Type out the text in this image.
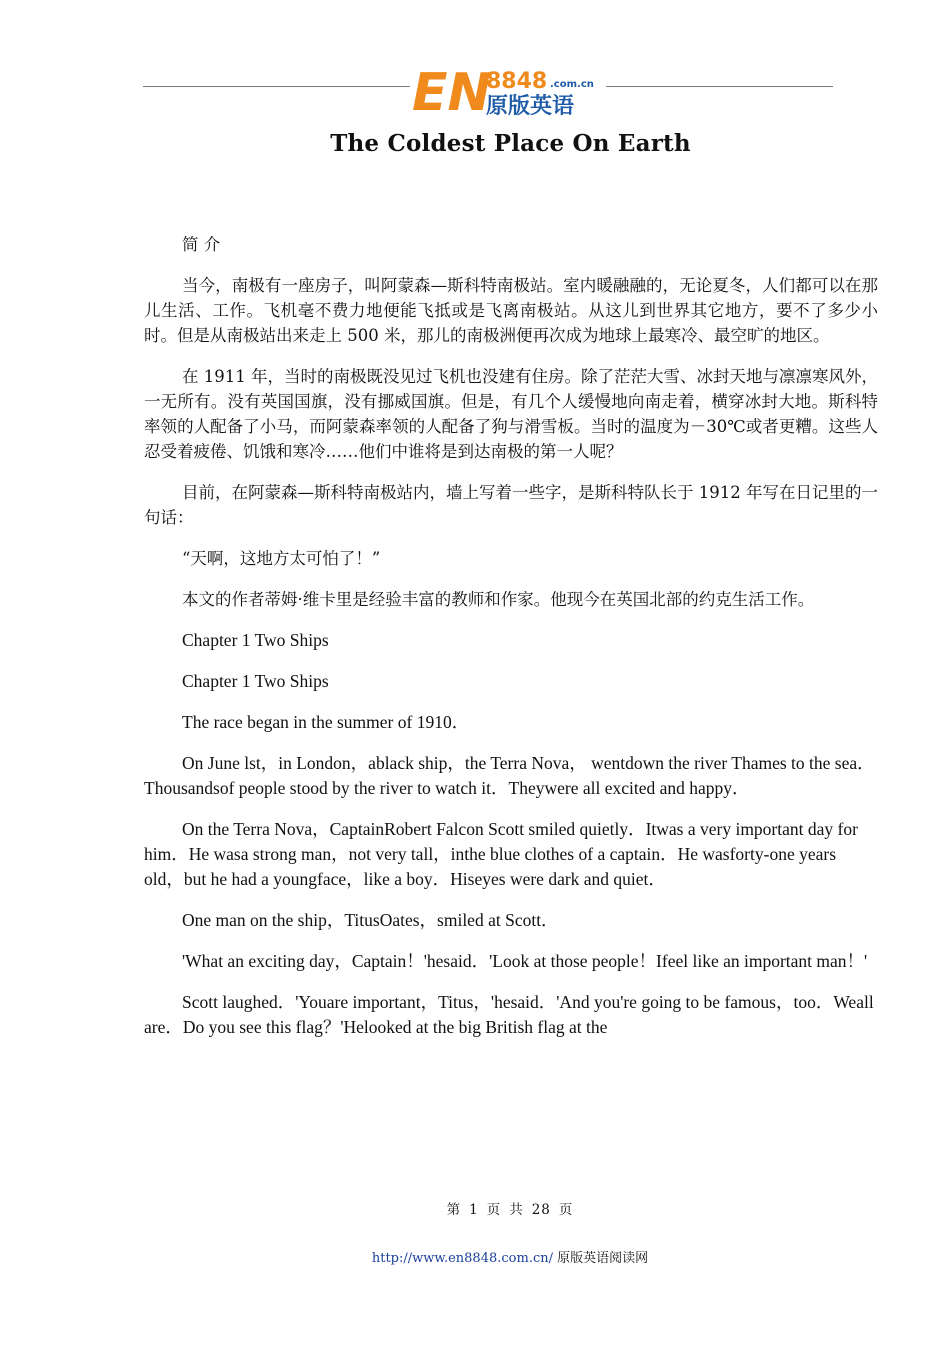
EN
8848 .com.cn
原版英语
The Coldest Place On Earth

简 介

当今，南极有一座房子，叫阿蒙森—斯科特南极站。室内暖融融的，无论夏冬，人们都可以在那儿生活、工作。飞机毫不费力地便能飞抵或是飞离南极站。从这儿到世界其它地方，要不了多少小时。但是从南极站出来走上 500 米，那儿的南极洲便再次成为地球上最寒冷、最空旷的地区。

在 1911 年，当时的南极既没见过飞机也没建有住房。除了茫茫大雪、冰封天地与凛凛寒风外，一无所有。没有英国国旗，没有挪威国旗。但是，有几个人缓慢地向南走着，横穿冰封大地。斯科特率领的人配备了小马，而阿蒙森率领的人配备了狗与滑雪板。当时的温度为－30℃或者更糟。这些人忍受着疲倦、饥饿和寒冷……他们中谁将是到达南极的第一人呢？

目前，在阿蒙森—斯科特南极站内，墙上写着一些字，是斯科特队长于 1912 年写在日记里的一句话：

“天啊，这地方太可怕了！”

本文的作者蒂姆·维卡里是经验丰富的教师和作家。他现今在英国北部的约克生活工作。

Chapter 1 Two Ships

Chapter 1 Two Ships

The race began in the summer of 1910．

On June lst，in London，ablack ship，the Terra Nova， wentdown the river Thames to the sea．Thousandsof people stood by the river to watch it．Theywere all excited and happy．

On the Terra Nova，CaptainRobert Falcon Scott smiled quietly．Itwas a very important day for him．He wasa strong man，not very tall，inthe blue clothes of a captain．He wasforty-one years old，but he had a youngface，like a boy．Hiseyes were dark and quiet．

One man on the ship，TitusOates，smiled at Scott．

'What an exciting day，Captain！'hesaid．'Look at those people！Ifeel like an important man！'

Scott laughed．'Youare important，Titus，'hesaid．'And you're going to be famous，too．Weall are．Do you see this flag？'Helooked at the big British flag at the

第 1 页 共 28 页
http://www.en8848.com.cn/ 原版英语阅读网
